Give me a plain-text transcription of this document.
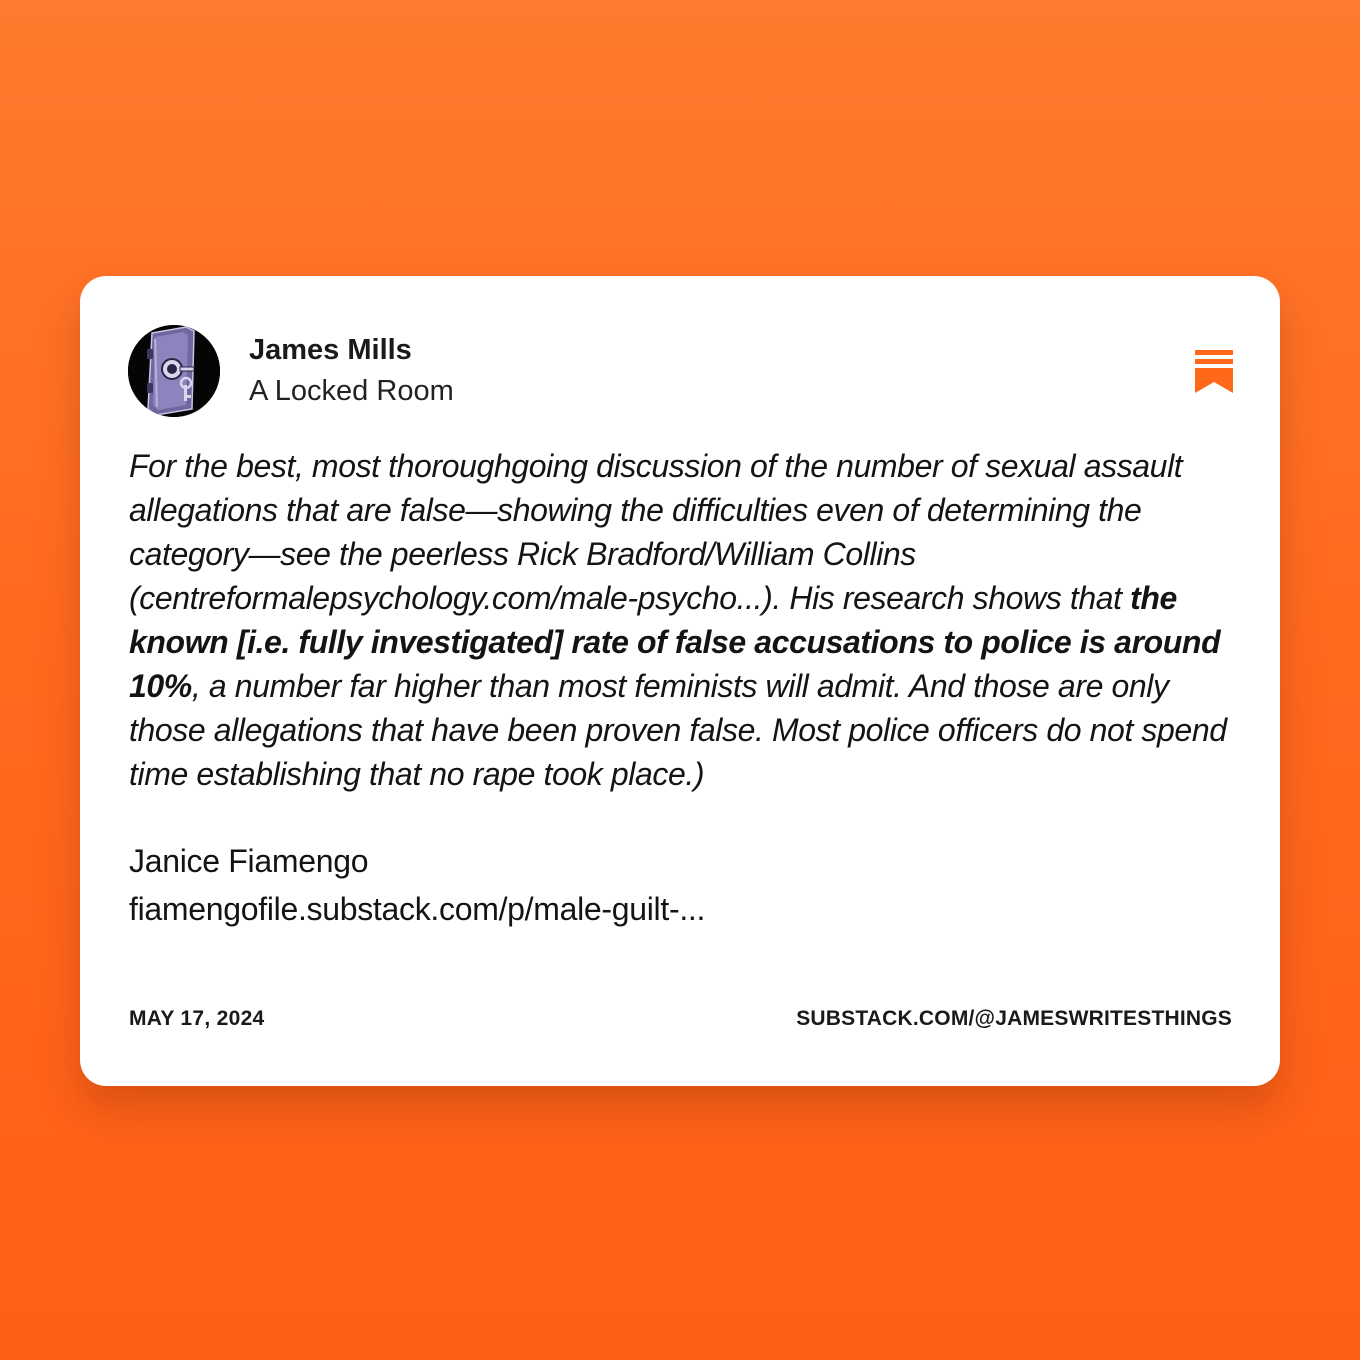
James Mills
A Locked Room

For the best, most thoroughgoing discussion of the number of sexual assault allegations that are false—showing the difficulties even of determining the category—see the peerless Rick Bradford/William Collins (centreformalepsychology.com/male-psycho...). His research shows that the known [i.e. fully investigated] rate of false accusations to police is around 10%, a number far higher than most feminists will admit. And those are only those allegations that have been proven false. Most police officers do not spend time establishing that no rape took place.)

Janice Fiamengo
fiamengofile.substack.com/p/male-guilt-...
MAY 17, 2024	SUBSTACK.COM/@JAMESWRITESTHINGS
